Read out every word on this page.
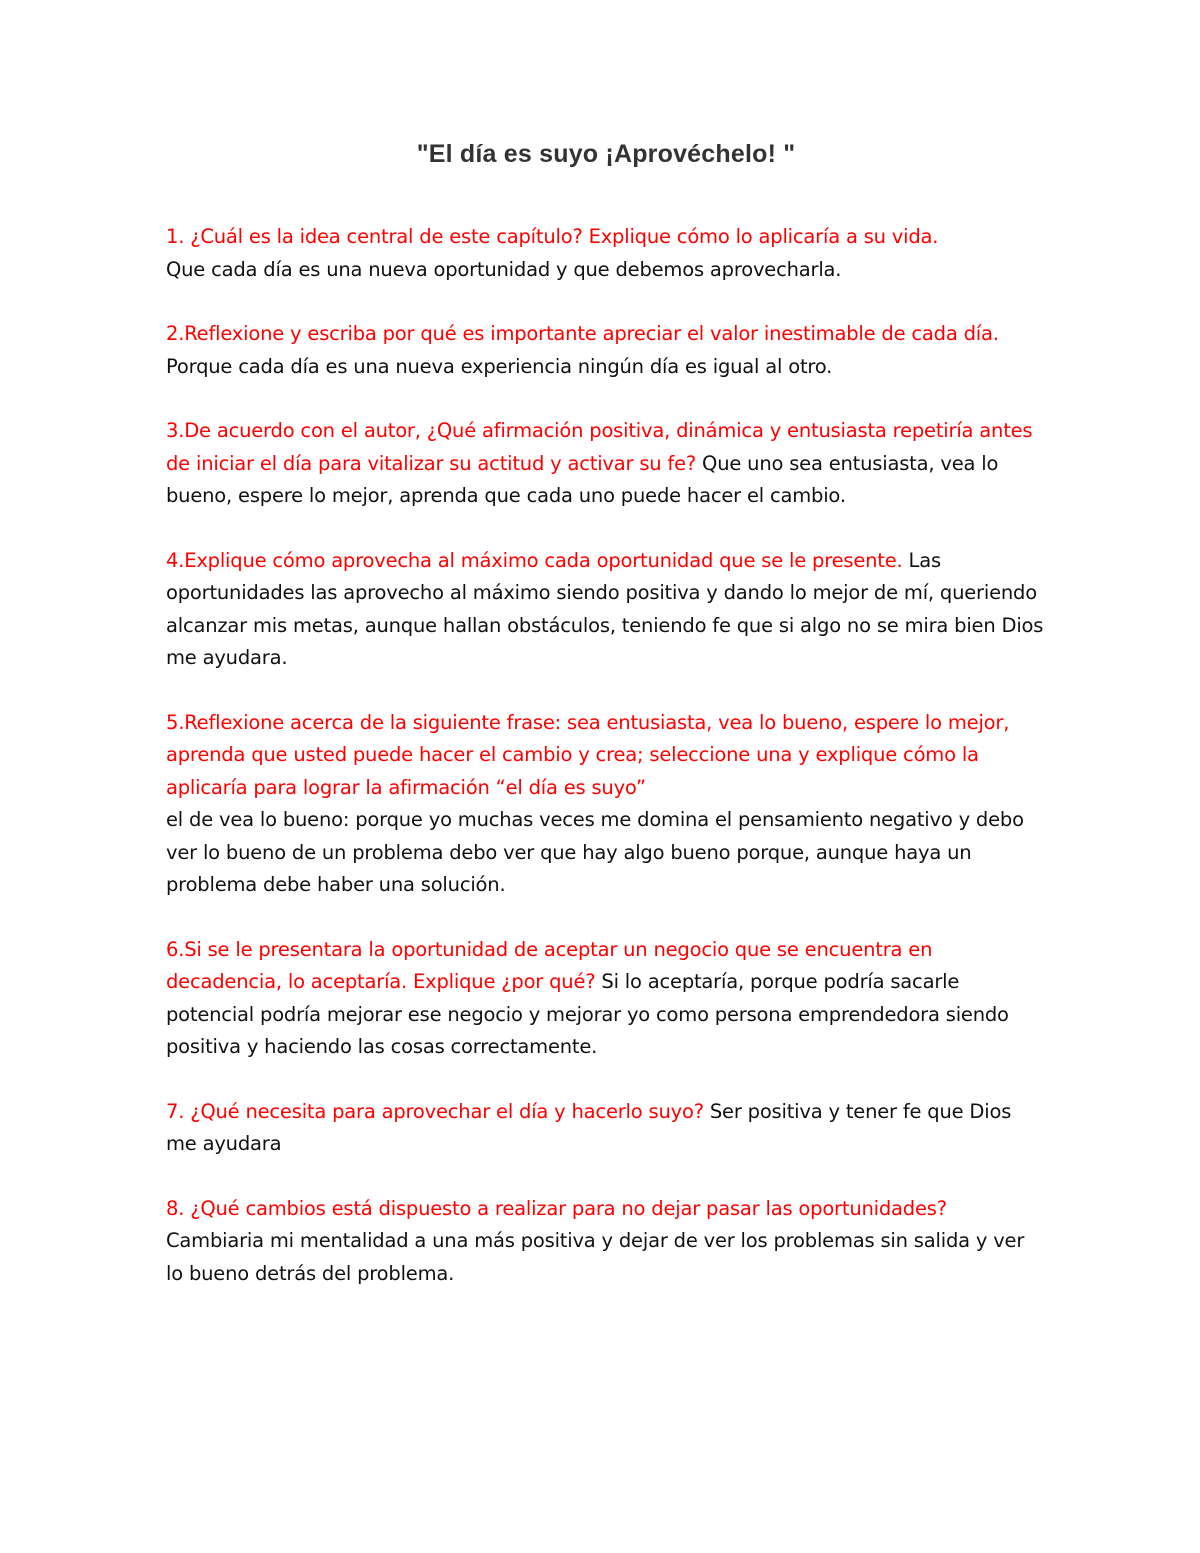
"El día es suyo ¡Aprovéchelo! "

1. ¿Cuál es la idea central de este capítulo? Explique cómo lo aplicaría a su vida.
Que cada día es una nueva oportunidad y que debemos aprovecharla.

2.Reflexione y escriba por qué es importante apreciar el valor inestimable de cada día.
Porque cada día es una nueva experiencia ningún día es igual al otro.

3.De acuerdo con el autor, ¿Qué afirmación positiva, dinámica y entusiasta repetiría antes de iniciar el día para vitalizar su actitud y activar su fe? Que uno sea entusiasta, vea lo bueno, espere lo mejor, aprenda que cada uno puede hacer el cambio.

4.Explique cómo aprovecha al máximo cada oportunidad que se le presente. Las oportunidades las aprovecho al máximo siendo positiva y dando lo mejor de mí, queriendo alcanzar mis metas, aunque hallan obstáculos, teniendo fe que si algo no se mira bien Dios me ayudara.

5.Reflexione acerca de la siguiente frase: sea entusiasta, vea lo bueno, espere lo mejor, aprenda que usted puede hacer el cambio y crea; seleccione una y explique cómo la aplicaría para lograr la afirmación “el día es suyo”
el de vea lo bueno: porque yo muchas veces me domina el pensamiento negativo y debo ver lo bueno de un problema debo ver que hay algo bueno porque, aunque haya un problema debe haber una solución.

6.Si se le presentara la oportunidad de aceptar un negocio que se encuentra en decadencia, lo aceptaría. Explique ¿por qué? Si lo aceptaría, porque podría sacarle potencial podría mejorar ese negocio y mejorar yo como persona emprendedora siendo positiva y haciendo las cosas correctamente.

7. ¿Qué necesita para aprovechar el día y hacerlo suyo? Ser positiva y tener fe que Dios me ayudara

8. ¿Qué cambios está dispuesto a realizar para no dejar pasar las oportunidades? Cambiaria mi mentalidad a una más positiva y dejar de ver los problemas sin salida y ver lo bueno detrás del problema.
